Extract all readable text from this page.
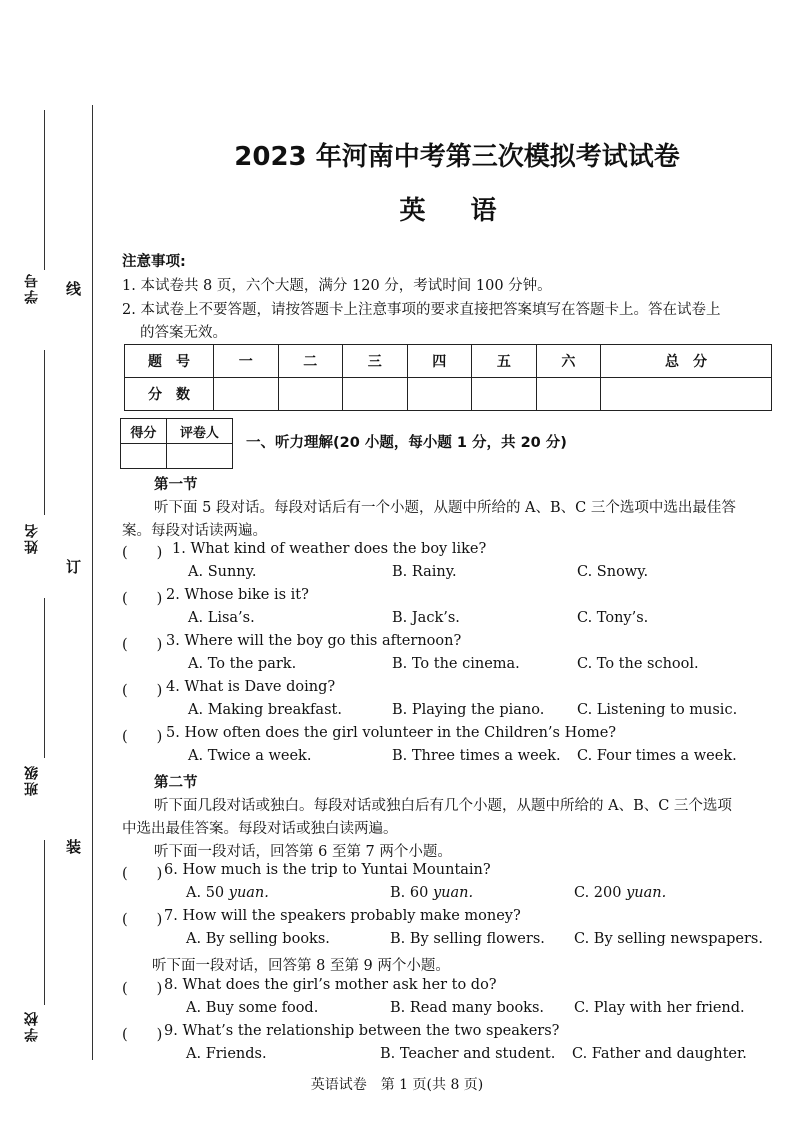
学号
姓名
班级
学校
线
订
装
2023 年河南中考第三次模拟考试试卷
英 语
注意事项:
1. 本试卷共 8 页，六个大题，满分 120 分，考试时间 100 分钟。
2. 本试卷上不要答题，请按答题卡上注意事项的要求直接把答案填写在答题卡上。答在试卷上
的答案无效。
题　号	一	二	三	四	五	六	总　分
分　数							
得分	评卷人

一、听力理解(20 小题，每小题 1 分，共 20 分)
第一节
听下面 5 段对话。每段对话后有一个小题，从题中所给的 A、B、C 三个选项中选出最佳答
案。每段对话读两遍。
(　　) 1. What kind of weather does the boy like?
A. Sunny.	B. Rainy.	C. Snowy.
(　　) 2. Whose bike is it?
A. Lisa’s.	B. Jack’s.	C. Tony’s.
(　　) 3. Where will the boy go this afternoon?
A. To the park.	B. To the cinema.	C. To the school.
(　　) 4. What is Dave doing?
A. Making breakfast.	B. Playing the piano. C. Listening to music.
(　　) 5. How often does the girl volunteer in the Children’s Home?
A. Twice a week.	B. Three times a week. C. Four times a week.
第二节
听下面几段对话或独白。每段对话或独白后有几个小题，从题中所给的 A、B、C 三个选项
中选出最佳答案。每段对话或独白读两遍。
听下面一段对话，回答第 6 至第 7 两个小题。
(　　) 6. How much is the trip to Yuntai Mountain?
A. 50 yuan.	B. 60 yuan.	C. 200 yuan.
(　　) 7. How will the speakers probably make money?
A. By selling books.	B. By selling flowers. C. By selling newspapers.
听下面一段对话，回答第 8 至第 9 两个小题。
(　　) 8. What does the girl’s mother ask her to do?
A. Buy some food.	B. Read many books. C. Play with her friend.
(　　) 9. What’s the relationship between the two speakers?
A. Friends.	B. Teacher and student. C. Father and daughter.
英语试卷　第 1 页(共 8 页)
